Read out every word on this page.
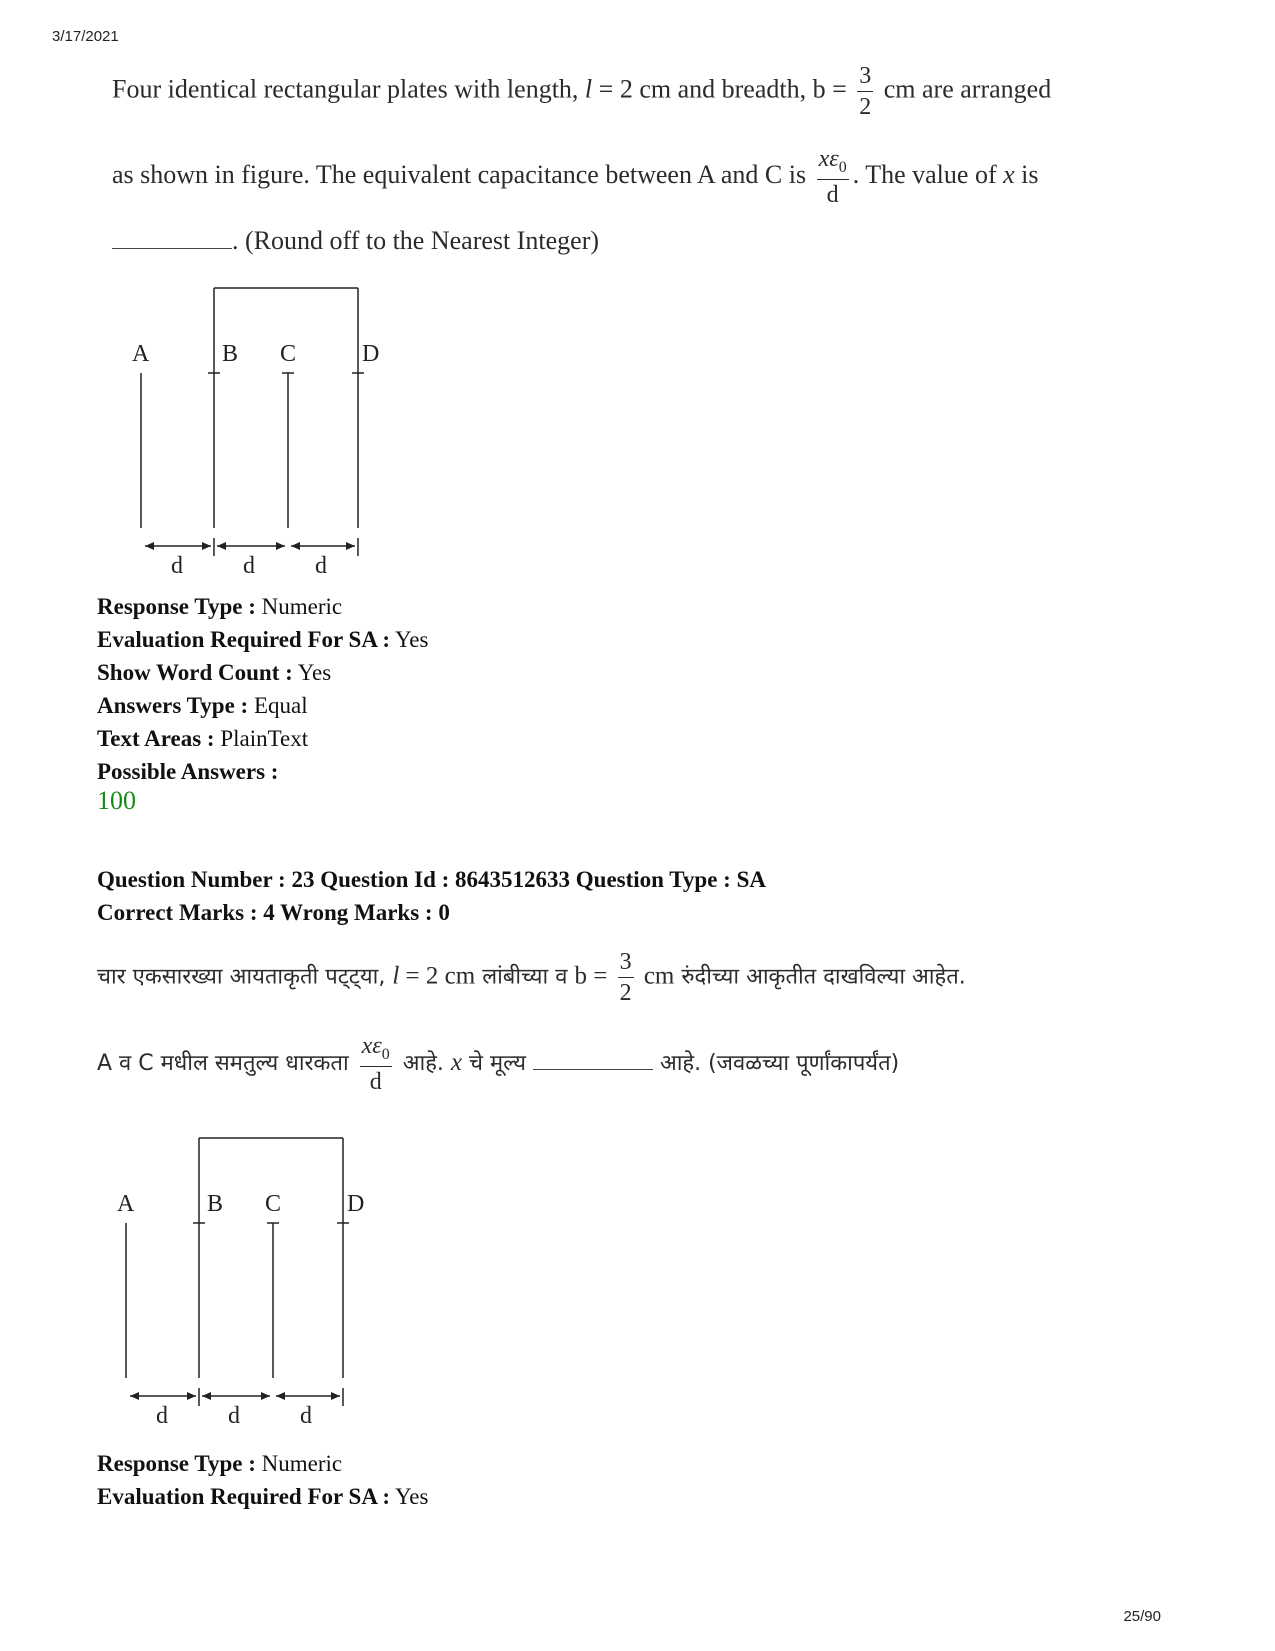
3/17/2021
Four identical rectangular plates with length, l = 2 cm and breadth, $b = \frac{3}{2}$ cm are arranged
as shown in figure. The equivalent capacitance between A and C is $\frac{x\varepsilon_0}{d}$ . The value of x is
. (Round off to the Nearest Integer)
A	B C	D
d	d	d
Response Type : Numeric
Evaluation Required For SA : Yes
Show Word Count : Yes
Answers Type : Equal
Text Areas : PlainText
Possible Answers :
100
Question Number : 23 Question Id : 8643512633 Question Type : SA
Correct Marks : 4 Wrong Marks : 0
चार एकसारख्या आयताकृती पट्ट्या, l = 2 cm लांबीच्या व $b = \frac{3}{2}$ cm रुंदीच्या आकृतीत दाखविल्या आहेत.
A व C मधील समतुल्य धारकता $\frac{x\varepsilon_0}{d}$ आहे. x चे मूल्य	आहे. (जवळच्या पूर्णांकापर्यंत)
A	B C	D
d	d	d
Response Type : Numeric
Evaluation Required For SA : Yes
25/90
